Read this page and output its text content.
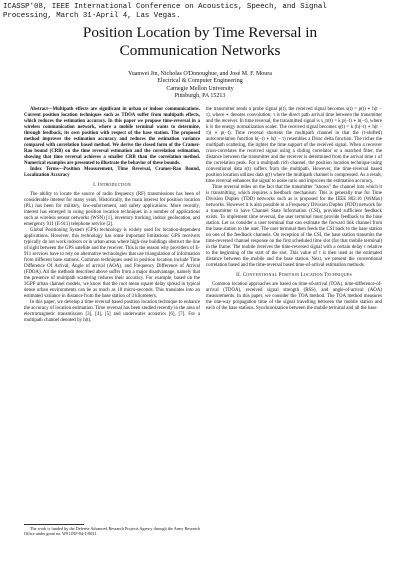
ICASSP'08, IEEE International Conference on Acoustics, Speech, and Signal
Processing, March 31-April 4, Las Vegas.
Position Location by Time Reversal in
Communication Networks
Yuanwei Jin, Nicholas O'Donoughue, and José M. F. Moura
Electrical & Computer Engineering
Carnegie Mellon University
Pittsburgh, PA 15213

Abstract—Multipath effects are significant in urban or indoor communications. Current position location techniques such as TDOA suffer from multipath effects, which reduces the estimation accuracy. In this paper we propose time-reversal in a wireless communication network, where a mobile terminal wants to determine, through feedback, its own position with respect of the base station. The proposed method improves the estimation accuracy and reduces the estimation variance compared with correlation based method. We derive the closed form of the Cramer-Rao bound (CRB) on the time reversal estimation and the correlation estimation, showing that time reversal achieves a smaller CRB than the correlation method. Numerical examples are presented to illustrate the behavior of these bounds.

Index Terms—Position Measurement, Time Reversal, Cramer-Rao Bound, Localization Accuracy

I. Introduction

The ability to locate the source of radio frequency (RF) transmissions has been of considerable interest for many years. Historically, the main interest for position location (PL) has been for military, law-enforcement, and safety applications. More recently, interest has emerged in using position location techniques in a number of applications such as wireless sensor networks (WSN) [1], inventory tracking, indoor geolocation, and emergency 911 (E-911) telephone service [2].

Global Positioning System (GPS) technology is widely used for location-dependent applications. However, this technology has some important limitations: GPS receivers typically do not work indoors or in urban areas where high-rise buildings obstruct the line of sight between the GPS satellite and the receiver. This is the reason why providers of E-911 services have to rely on alternative technologies that use triangulation of information from different base stations. Common techniques used in position location include Time Difference Of Arrival, Angle of arrival (AOA), and Frequency Difference of Arrival (FDOA). All the methods described above suffer from a major disadvantage, namely that the presence of multipath scattering reduces their accuracy. For example, based on the 3GPP urban channel models, we know that the root mean square delay spread in typical dense urban environments can be as much as 10 micro-seconds. This translates into an estimated variance in distance from the base station of 3 kilometers.

In this paper, we develop a time reversal based position location technique to enhance the accuracy of location estimation. Time reversal has been studied recently in the area of electromagnetic transmission [3], [4], [5] and underwater acoustics [6], [7]. For a multipath channel denoted by h(t),

the transmitter sends a probe signal p(t), the received signal becomes s(t) = p(t) ∗ h(t − τ), where ∗ denotes convolution; τ is the direct path arrival time between the transmitter and the receiver. In time reversal, the transmitted signal is s_tr(t) = k p(−t) ∗ h(−t), where k is the energy normalization scaler. The received signal becomes q(t) = k (h(−t) ∗ h(t − τ)) ∗ p(−t). Time reversal shortens the multipath channel in that the (τ-shifted) autocorrelation function h(−t) ∗ h(t − τ) resembles a Dirac delta function. The richer the multipath scattering, the tighter the time support of the received signal. When a receiver cross-correlates the received signal using a sliding correlator or a matched filter, the distance between the transmitter and the receiver is determined from the arrival time τ of the correlation peak. For a multipath rich channel, the position location technique using conventional data s(t) suffers from the multipath. However, the time-reversal based position location utilizes data q(t) where the multipath channel is compressed. As a result, time reversal enhances the signal to noise ratio and improves the estimation accuracy.

Time reversal relies on the fact that the transmitter "knows" the channel into which it is transmitting, which requires a feedback mechanism. This is generally true for Time Division Duplex (TDD) networks such as is proposed for the IEEE 802.16 (WiMax) networks. However it is also possible in a Frequency Division Duplex (FDD) network for a transmitter to have Channel State Information (CSI), provided sufficient feedback exists. To implement time reversal, the user terminal must provide feedback to the base station. Let us consider a user terminal that can estimate the forward link channel from the base station to the user. The user terminal then feeds the CSI back to the base station on one of the feedback channels. On reception of the CSI, the base station transmits the time-reversed channel response on the first scheduled time slot (for that mobile terminal) in the frame. The mobile receives the time-reversed signal with a certain delay τ relative to the beginning of the start of the slot. This value of τ is then used as the estimated distance between the mobile and the base station. Next, we present the conventional correlation based and the time-reversal based time-of-arrival estimation methods.

II. Conventional Position Location Techniques

Common location approaches are based on time-of-arrival (TOA), time-difference-of-arrival (TDOA), received signal strength (RSS), and angle-of-arrival (AOA) measurements. In this paper, we consider the TOA method. The TOA method measures the one-way propagation time of the signal travelling between the mobile station and each of the base stations. Synchronization between the mobile terminal and all the base

The work is funded by the Defense Advanced Research Projects Agency through the Army Research Office under grant no. W911NF-04-1-0031.
